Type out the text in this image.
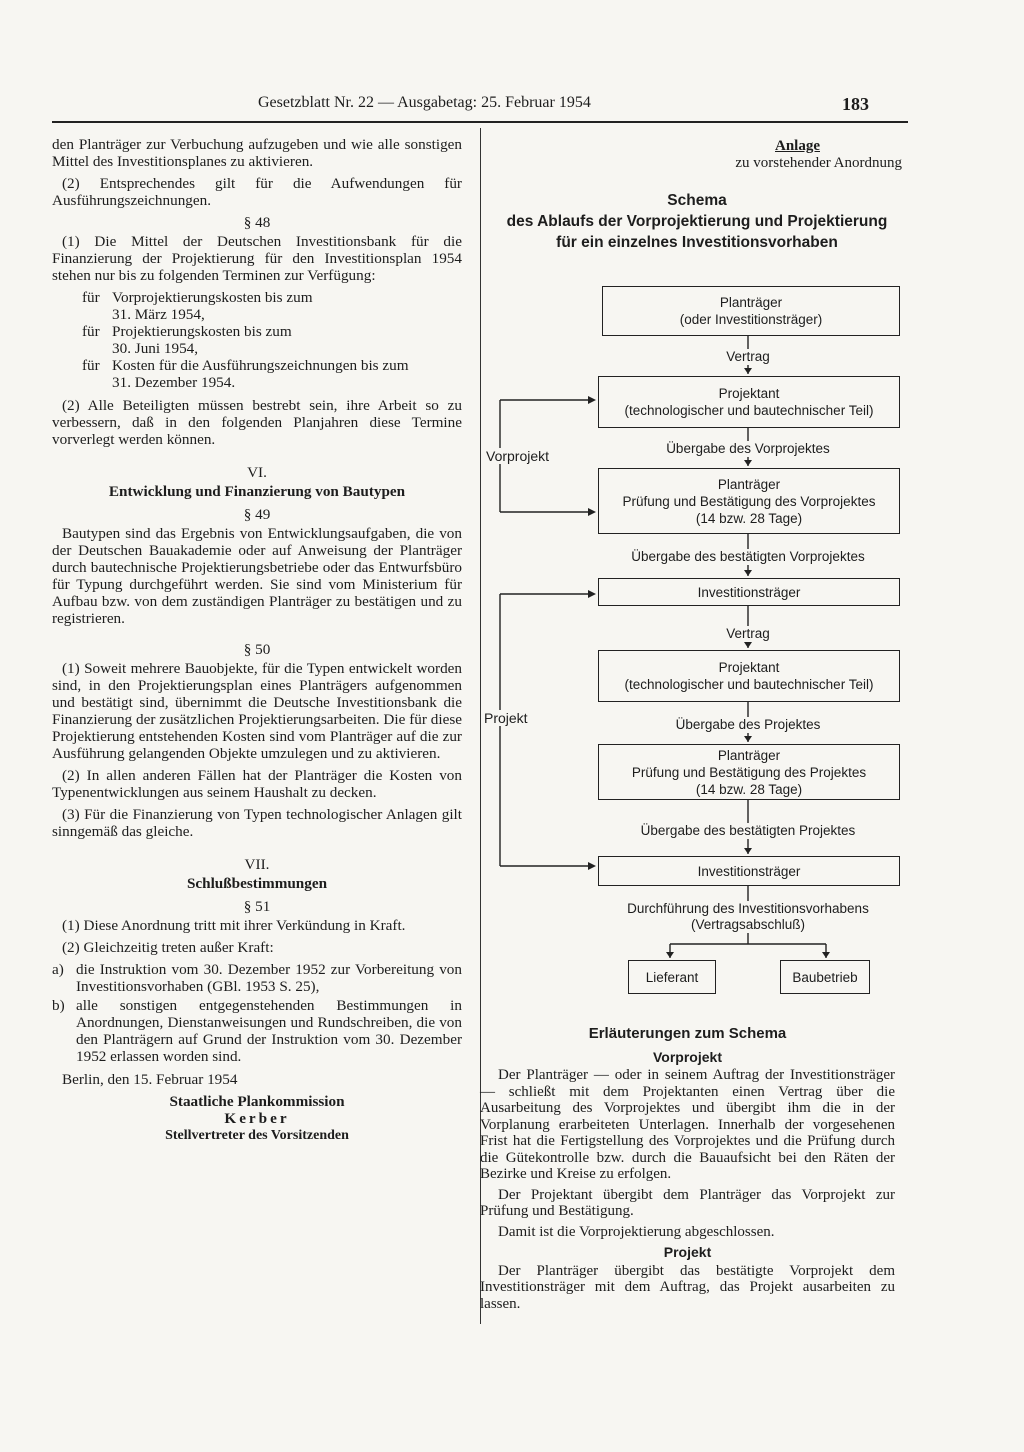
Gesetzblatt Nr. 22 — Ausgabetag: 25. Februar 1954	183

den Planträger zur Verbuchung aufzugeben und wie alle sonstigen Mittel des Investitionsplanes zu aktivieren.

(2) Entsprechendes gilt für die Aufwendungen für Ausführungszeichnungen.

§ 48

(1) Die Mittel der Deutschen Investitionsbank für die Finanzierung der Projektierung für den Investitionsplan 1954 stehen nur bis zu folgenden Terminen zur Verfügung:

für Vorprojektierungskosten bis zum
31. März 1954,
für Projektierungskosten bis zum
30. Juni 1954,
für Kosten für die Ausführungszeichnungen bis zum
31. Dezember 1954.

(2) Alle Beteiligten müssen bestrebt sein, ihre Arbeit so zu verbessern, daß in den folgenden Planjahren diese Termine vorverlegt werden können.

VI.
Entwicklung und Finanzierung von Bautypen
§ 49

Bautypen sind das Ergebnis von Entwicklungsaufgaben, die von der Deutschen Bauakademie oder auf Anweisung der Planträger durch bautechnische Projektierungsbetriebe oder das Entwurfsbüro für Typung durchgeführt werden. Sie sind vom Ministerium für Aufbau bzw. von dem zuständigen Planträger zu bestätigen und zu registrieren.

§ 50

(1) Soweit mehrere Bauobjekte, für die Typen entwickelt worden sind, in den Projektierungsplan eines Planträgers aufgenommen und bestätigt sind, übernimmt die Deutsche Investitionsbank die Finanzierung der zusätzlichen Projektierungsarbeiten. Die für diese Projektierung entstehenden Kosten sind vom Planträger auf die zur Ausführung gelangenden Objekte umzulegen und zu aktivieren.

(2) In allen anderen Fällen hat der Planträger die Kosten von Typenentwicklungen aus seinem Haushalt zu decken.

(3) Für die Finanzierung von Typen technologischer Anlagen gilt sinngemäß das gleiche.

VII.
Schlußbestimmungen
§ 51

(1) Diese Anordnung tritt mit ihrer Verkündung in Kraft.

(2) Gleichzeitig treten außer Kraft:

a) die Instruktion vom 30. Dezember 1952 zur Vorbereitung von Investitionsvorhaben (GBl. 1953 S. 25),
b) alle sonstigen entgegenstehenden Bestimmungen in Anordnungen, Dienstanweisungen und Rundschreiben, die von den Planträgern auf Grund der Instruktion vom 30. Dezember 1952 erlassen worden sind.

Berlin, den 15. Februar 1954

Staatliche Plankommission
Kerber
Stellvertreter des Vorsitzenden
Anlage
zu vorstehender Anordnung
Schema
des Ablaufs der Vorprojektierung und Projektierung
für ein einzelnes Investitionsvorhaben
Planträger
(oder Investitionsträger)
Vertrag
Projektant
(technologischer und bautechnischer Teil)
Übergabe des Vorprojektes
Planträger
Prüfung und Bestätigung des Vorprojektes
(14 bzw. 28 Tage)
Übergabe des bestätigten Vorprojektes
Investitionsträger
Vertrag
Projektant
(technologischer und bautechnischer Teil)
Übergabe des Projektes
Planträger
Prüfung und Bestätigung des Projektes
(14 bzw. 28 Tage)
Übergabe des bestätigten Projektes
Investitionsträger
Durchführung des Investitionsvorhabens
(Vertragsabschluß)
Lieferant	Baubetrieb
Vorprojekt
Projekt
Erläuterungen zum Schema
Vorprojekt

Der Planträger — oder in seinem Auftrag der Investitionsträger — schließt mit dem Projektanten einen Vertrag über die Ausarbeitung des Vorprojektes und übergibt ihm die in der Vorplanung erarbeiteten Unterlagen. Innerhalb der vorgesehenen Frist hat die Fertigstellung des Vorprojektes und die Prüfung durch die Gütekontrolle bzw. durch die Bauaufsicht bei den Räten der Bezirke und Kreise zu erfolgen.

Der Projektant übergibt dem Planträger das Vorprojekt zur Prüfung und Bestätigung.

Damit ist die Vorprojektierung abgeschlossen.

Projekt

Der Planträger übergibt das bestätigte Vorprojekt dem Investitionsträger mit dem Auftrag, das Projekt ausarbeiten zu lassen.
